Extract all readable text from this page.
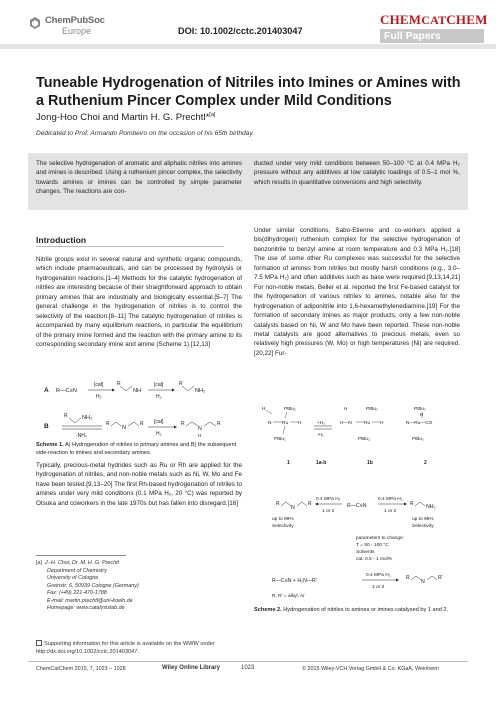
ChemPubSoc
Europe	DOI: 10.1002/cctc.201403047
CHEMCATCHEM
Full Papers
Tuneable Hydrogenation of Nitriles into Imines or Amines with a Ruthenium Pincer Complex under Mild Conditions
Jong-Hoo Choi and Martin H. G. Prechtl*[a]
Dedicated to Prof. Armando Pombeiro on the occasion of his 65th birthday.
The selective hydrogenation of aromatic and aliphatic nitriles into amines and imines is described. Using a ruthenium pincer complex, the selectivity towards amines or imines can be controlled by simple parameter changes. The reactions are con-
ducted under very mild conditions between 50–100 °C at 0.4 MPa H₂ pressure without any additives at low catalytic loadings of 0.5–1 mol %, which results in quantitative conversions and high selectivity.
Introduction
Nitrile groups exist in several natural and synthetic organic compounds, which include pharmaceuticals, and can be processed by hydrolysis or hydrogenation reactions.[1–4] Methods for the catalytic hydrogenation of nitriles are interesting because of their straightforward approach to obtain primary amines that are industrially and biologically essential.[5–7] The general challenge in the hydrogenation of nitriles is to control the selectivity of the reaction.[8–11] The catalytic hydrogenation of nitriles is accompanied by many equilibrium reactions, in particular the equilibrium of the primary imine formed and the reaction with the primary amine to its corresponding secondary imine and amine (Scheme 1).[12,13]
A R—C≡N
[cat]
H₂
R
NH
[cat]
H₂
R
NH₂
B
R	NH₂
-NH₃
R
N
R [cat]
H₂
R
N
H
R
Scheme 1. A) Hydrogenation of nitriles to primary amines and B) the subsequent side-reaction to imines and secondary amines.
Typically, precious-metal hydrides such as Ru or Rh are applied for the hydrogenation of nitriles, and non-noble metals such as Ni, W, Mo and Fe have been tested.[9,13–20] The first Rh-based hydrogenation of nitriles to amines under very mild conditions (0.1 MPa H₂, 20 °C) was reported by Otsuka and coworkers in the late 1970s but has fallen into disregard.[16]
[a] J.-H. Choi, Dr. M. H. G. Prechtl
Department of Chemistry
University of Cologne
Greinstr. 6, 50939 Cologne (Germany)
Fax: (+49) 221-470-1788
E-mail: martin.prechtl@uni-koeln.de
Homepage: www.catalysislab.de
Supporting information for this article is available on the WWW under http://dx.doi.org/10.1002/cctc.201403047.
Under similar conditions, Sabo-Etienne and co-workers applied a bis(dihydrogen) ruthenium complex for the selective hydrogenation of benzonitrile to benzyl amine at room temperature and 0.3 MPa H₂.[18] The use of some other Ru complexes was successful for the selective formation of amines from nitriles but mostly harsh conditions (e.g., 3.0–7.5 MPa H₂) and often additives such as base were required.[9,13,14,21] For non-noble metals, Beller et al. reported the first Fe-based catalyst for the hydrogenation of various nitriles to amines, notable also for the hydrogenation of adiponitrile into 1,6-hexamethylenediamine.[19] For the formation of secondary imines as major products, only a few non-noble catalysts based on Ni, W and Mo have been reported. These non-noble metal catalysts are good alternatives to precious metals, even so relatively high pressures (W, Mo) or high temperatures (Ni) are required.[20,22] Fur-
H
N Ru H
PtBu₂
PtBu₂
1
+H₂
-H₂
1a-b
H
H—N	Ru H
PtBu₂
PtBu₂
1b
PtBu₂
N—Ru—CO
H
PtBu₂
2
R
N
R
up to 99%
Selectivity
0.4 MPa H₂
1 or 2
R—C≡N
0.4 MPa H₂
1 or 2
R NH₂
up to 95%
Selectivity
parameters to change:
T = 50 - 100 °C
Solvents
cat. 0.5 - 1 mol%
R—C≡N + H₂N—R'
0.4 MPa H₂
1 or 2
R
N
R'
R, R' = alkyl, Ar
Scheme 2. Hydrogenation of nitriles to amines or imines catalysed by 1 and 2.
ChemCatChem 2015, 7, 1023 – 1028	Wiley Online Library	1023	© 2015 Wiley-VCH Verlag GmbH & Co. KGaA, Weinheim
